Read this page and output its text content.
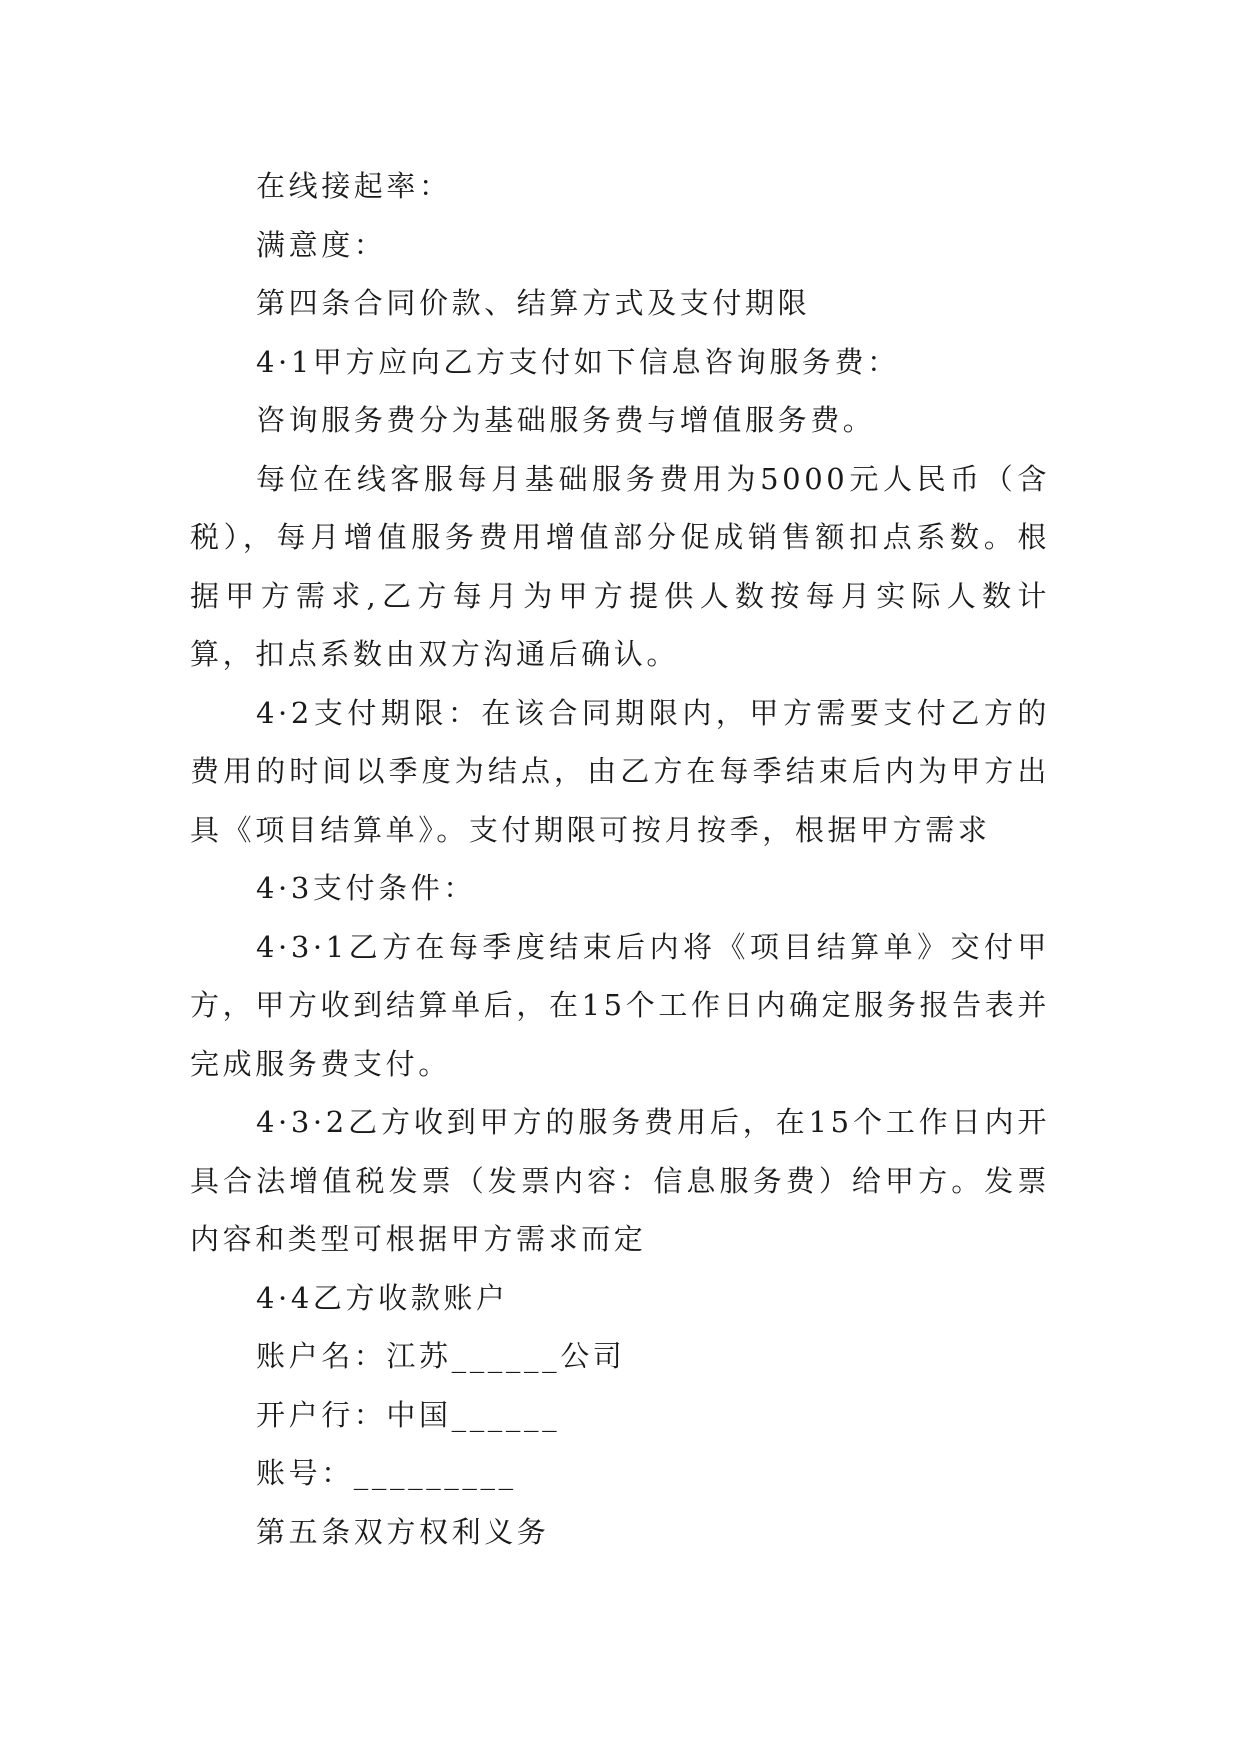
在线接起率：

满意度：

第四条合同价款、结算方式及支付期限

4·1甲方应向乙方支付如下信息咨询服务费：

咨询服务费分为基础服务费与增值服务费。

每位在线客服每月基础服务费用为5000元人民币（含税），每月增值服务费用增值部分促成销售额扣点系数。根据甲方需求,乙方每月为甲方提供人数按每月实际人数计算，扣点系数由双方沟通后确认。

4·2支付期限：在该合同期限内，甲方需要支付乙方的费用的时间以季度为结点，由乙方在每季结束后内为甲方出具《项目结算单》。支付期限可按月按季，根据甲方需求

4·3支付条件：

4·3·1乙方在每季度结束后内将《项目结算单》交付甲方，甲方收到结算单后，在15个工作日内确定服务报告表并完成服务费支付。

4·3·2乙方收到甲方的服务费用后，在15个工作日内开具合法增值税发票（发票内容：信息服务费）给甲方。发票内容和类型可根据甲方需求而定

4·4乙方收款账户

账户名：江苏______公司

开户行：中国______

账号：_________

第五条双方权利义务
